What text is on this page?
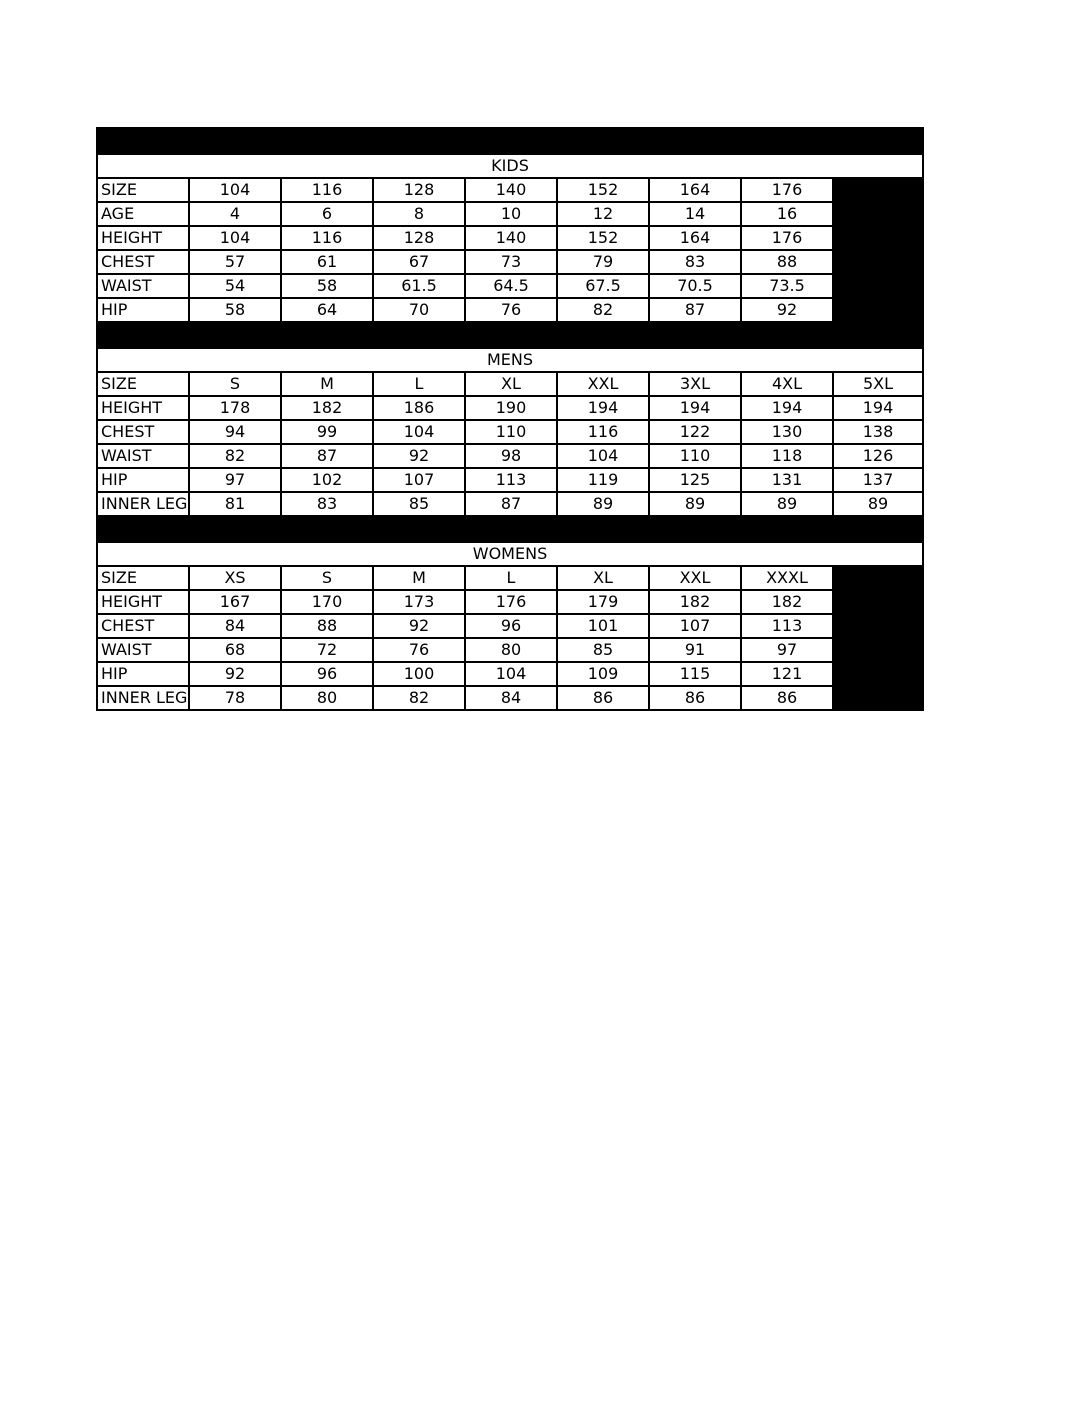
KIDS								
SIZE	104	116	128	140	152	164	176	
AGE	4	6	8	10	12	14	16	
HEIGHT	104	116	128	140	152	164	176	
CHEST	57	61	67	73	79	83	88	
WAIST	54	58	61.5	64.5	67.5	70.5	73.5	
HIP	58	64	70	76	82	87	92	

MENS								
SIZE	S	M	L	XL	XXL	3XL	4XL	5XL
HEIGHT	178	182	186	190	194	194	194	194
CHEST	94	99	104	110	116	122	130	138
WAIST	82	87	92	98	104	110	118	126
HIP	97	102	107	113	119	125	131	137
INNER LEG	81	83	85	87	89	89	89	89

WOMENS								
SIZE	XS	S	M	L	XL	XXL	XXXL	
HEIGHT	167	170	173	176	179	182	182	
CHEST	84	88	92	96	101	107	113	
WAIST	68	72	76	80	85	91	97	
HIP	92	96	100	104	109	115	121	
INNER LEG	78	80	82	84	86	86	86	
